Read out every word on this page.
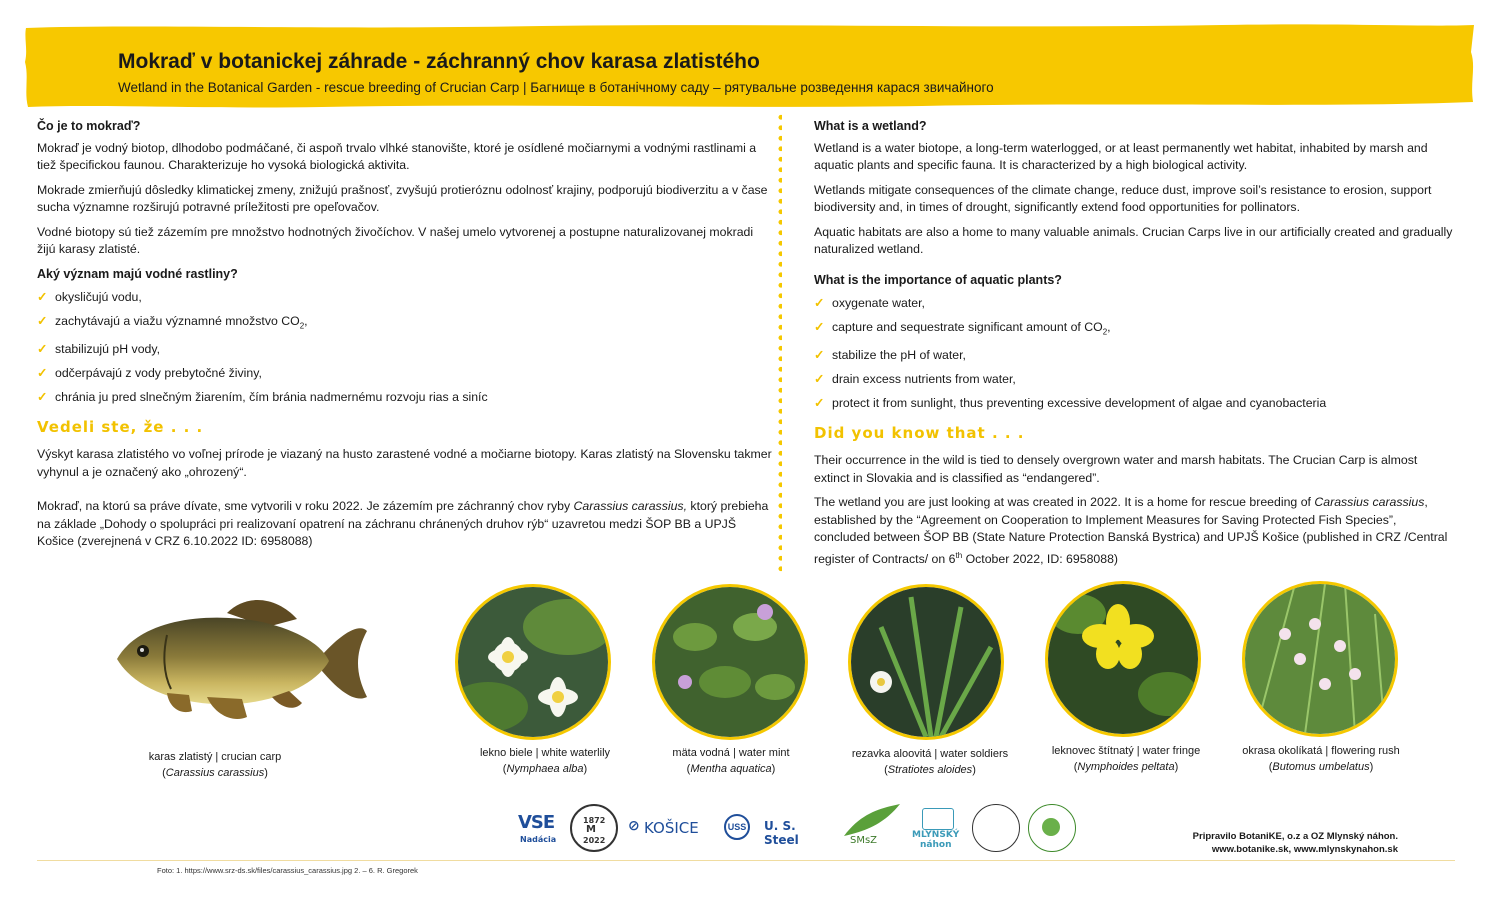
Mokraď v botanickej záhrade - záchranný chov karasa zlatistého
Wetland in the Botanical Garden - rescue breeding of Crucian Carp | Багнище в ботанічному саду – рятувальне розведення карася звичайного
Čo je to mokraď?

Mokraď je vodný biotop, dlhodobo podmáčané, či aspoň trvalo vlhké stanovište, ktoré je osídlené močiarnymi a vodnými rastlinami a tiež špecifickou faunou. Charakterizuje ho vysoká biologická aktivita.

Mokrade zmierňujú dôsledky klimatickej zmeny, znižujú prašnosť, zvyšujú protieróznu odolnosť krajiny, podporujú biodiverzitu a v čase sucha významne rozširujú potravné príležitosti pre opeľovačov.

Vodné biotopy sú tiež zázemím pre množstvo hodnotných živočíchov. V našej umelo vytvorenej a postupne naturalizovanej mokradi žijú karasy zlatisté.

Aký význam majú vodné rastliny?
✓ okysličujú vodu,
✓ zachytávajú a viažu významné množstvo $CO_2$,
✓ stabilizujú pH vody,
✓ odčerpávajú z vody prebytočné živiny,
✓ chránia ju pred slnečným žiarením, čím bránia nadmernému rozvoju rias a siníc
Vedeli ste, že . . .

Výskyt karasa zlatistého vo voľnej prírode je viazaný na husto zarastené vodné a močiarne biotopy. Karas zlatistý na Slovensku takmer vyhynul a je označený ako „ohrozený“.

Mokraď, na ktorú sa práve dívate, sme vytvorili v roku 2022. Je zázemím pre záchranný chov ryby Carassius carassius, ktorý prebieha na základe „Dohody o spolupráci pri realizovaní opatrení na záchranu chránených druhov rýb“ uzavretou medzi ŠOP BB a UPJŠ Košice (zverejnená v CRZ 6.10.2022 ID: 6958088)

What is a wetland?

Wetland is a water biotope, a long-term waterlogged, or at least permanently wet habitat, inhabited by marsh and aquatic plants and specific fauna. It is characterized by a high biological activity.

Wetlands mitigate consequences of the climate change, reduce dust, improve soil’s resistance to erosion, support biodiversity and, in times of drought, significantly extend food opportunities for pollinators.

Aquatic habitats are also a home to many valuable animals. Crucian Carps live in our artificially created and gradually naturalized wetland.

What is the importance of aquatic plants?
✓ oxygenate water,
✓ capture and sequestrate significant amount of $CO_2$,
✓ stabilize the pH of water,
✓ drain excess nutrients from water,
✓ protect it from sunlight, thus preventing excessive development of algae and cyanobacteria
Did you know that . . .

Their occurrence in the wild is tied to densely overgrown water and marsh habitats. The Crucian Carp is almost extinct in Slovakia and is classified as “endangered”.

The wetland you are just looking at was created in 2022. It is a home for rescue breeding of Carassius carassius, established by the “Agreement on Cooperation to Implement Measures for Saving Protected Fish Species”, concluded between ŠOP BB (State Nature Protection Banská Bystrica) and UPJŠ Košice (published in CRZ /Central register of Contracts/ on 6th October 2022, ID: 6958088)

karas zlatistý | crucian carp
(Carassius carassius)
lekno biele | white waterlily
(Nymphaea alba)
mäta vodná | water mint
(Mentha aquatica)
rezavka aloovitá | water soldiers
(Stratiotes aloides)
leknovec štítnatý | water fringe
(Nymphoides peltata)
okrasa okolíkatá | flowering rush
(Butomus umbelatus)
VSE
Nadácia
1872
M
2022
⊘ KOŠICE	USS	U. S. Steel	SMsZ	MLYNSKÝ
náhon
Pripravilo BotaniKE, o.z a OZ Mlynský náhon.
www.botanike.sk, www.mlynskynahon.sk
Foto: 1. https://www.srz-ds.sk/files/carassius_carassius.jpg 2. – 6. R. Gregorek
